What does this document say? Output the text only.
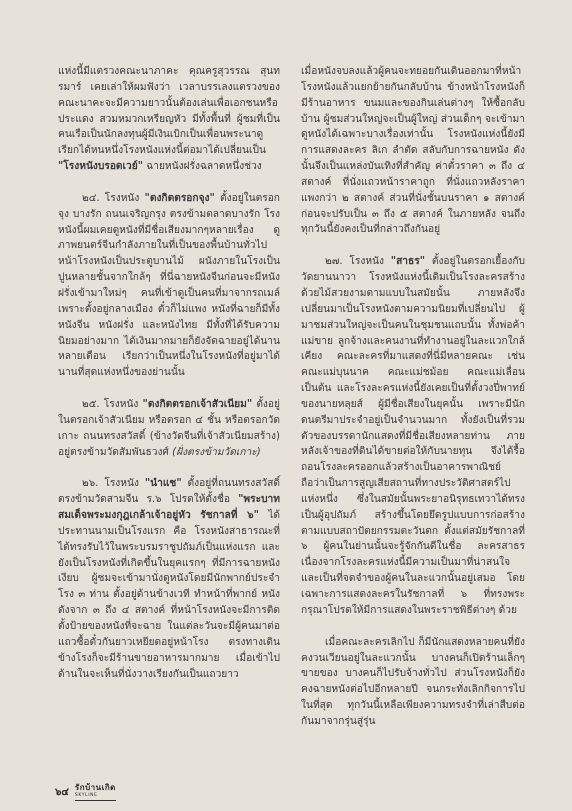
แห่งนี้มีแตรวงคณะนาภาคะ คุณครูสุวรรณ สุนทรมาร์ เคยเล่าให้ผมฟังว่า เวลาบรรเลงแตรวงของคณะนาคะจะมีความยาวนั้นต้องเล่นเพื่อเอกชนหรือประแดง สวมหมวกเหรียญหัว มีทั้งพื้นที่ ผู้ชมที่เป็นคนเรือเป็นนักลงทุนผู้มีเงินเบิกเป็นเพื่อนพระนาดูเรียกได้หนหนึ่งโรงหนังแห่งนี้ต่อมาได้เปลี่ยนเป็น "โรงหนังบรอดเวย์" ฉายหนังฝรั่งฉลาดหนึ่งช่วง

๒๔. โรงหนัง "ตงกิตตรอกจุง" ตั้งอยู่ในตรอกจุง บางรัก ถนนเจริญกรุง ตรงข้ามตลาดบางรัก โรงหนังนี้ผมเคยดูหนังที่มีชื่อเสียงมากๆหลายเรื่อง ดูภาพยนตร์จีนกำลังภายในที่เป็นของพื้นบ้านทั่วไป หน้าโรงหนังเป็นประตูบานไม้ ผนังภายในโรงเป็นปูนหลายชั้นจากใกล้ๆ ที่นี่ฉายหนังจีนก่อนจะมีหนังฝรั่งเข้ามาใหม่ๆ คนที่เข้าดูเป็นคนที่มาจากรถเมล์ เพราะตั้งอยู่กลางเมือง ตั๋วก็ไม่แพง หนังที่ฉายก็มีทั้งหนังจีน หนังฝรั่ง และหนังไทย มีทั้งที่ได้รับความนิยมอย่างมาก ได้เงินมากมายก็ยังจัดฉายอยู่ได้นานหลายเดือน เรียกว่าเป็นหนึ่งในโรงหนังที่อยู่มาได้นานที่สุดแห่งหนึ่งของย่านนั้น

๒๕. โรงหนัง "ตงกิตตรอกเจ้าสัวเนียม" ตั้งอยู่ในตรอกเจ้าสัวเนียม หรือตรอก ๔ ชั้น หรือตรอกวัดเกาะ ถนนทรงสวัสดิ์ (ข้างวัดจีนที่เจ้าสัวเนียมสร้าง) อยู่ตรงข้ามวัดสัมพันธวงศ์ (ฝั่งตรงข้ามวัดเกาะ)

๒๖. โรงหนัง "นำแช" ตั้งอยู่ที่ถนนทรงสวัสดิ์ ตรงข้ามวัดสามจีน ร.๖ โปรดให้ตั้งชื่อ "พระบาทสมเด็จพระมงกุฎเกล้าเจ้าอยู่หัว รัชกาลที่ ๖" ได้ประทานนามเป็นโรงแรก คือ โรงหนังสาธารณะที่ได้ทรงรับไว้ในพระบรมราชูปถัมภ์เป็นแห่งแรก และยังเป็นโรงหนังที่เกิดขึ้นในยุคแรกๆ ที่มีการฉายหนังเงียบ ผู้ชมจะเข้ามานั่งดูหนังโดยมีนักพากย์ประจำโรง ๓ ท่าน ตั้งอยู่ด้านข้างเวที ทำหน้าที่พากย์ หนังดังจาก ๓ ถึง ๔ สตางค์ ที่หน้าโรงหนังจะมีการติดตั้งป้ายของหนังที่จะฉาย ในแต่ละวันจะมีผู้คนมาต่อแถวซื้อตั๋วกันยาวเหยียดอยู่หน้าโรง ตรงทางเดินข้างโรงก็จะมีร้านขายอาหารมากมาย เมื่อเข้าไปด้านในจะเห็นที่นั่งวางเรียงกันเป็นแถวยาว

เมื่อหนังจบลงแล้วผู้คนจะทยอยกันเดินออกมาที่หน้าโรงหนังแล้วแยกย้ายกันกลับบ้าน ข้างหน้าโรงหนังก็มีร้านอาหาร ขนมและของกินเล่นต่างๆ ให้ซื้อกลับบ้าน ผู้ชมส่วนใหญ่จะเป็นผู้ใหญ่ ส่วนเด็กๆ จะเข้ามาดูหนังได้เฉพาะบางเรื่องเท่านั้น โรงหนังแห่งนี้ยังมีการแสดงละคร ลิเก ลำตัด สลับกับการฉายหนัง ดังนั้นจึงเป็นแหล่งบันเทิงที่สำคัญ ค่าตั๋วราคา ๓ ถึง ๔ สตางค์ ที่นั่งแถวหน้าราคาถูก ที่นั่งแถวหลังราคาแพงกว่า ๒ สตางค์ ส่วนที่นั่งชั้นบนราคา ๑ สตางค์ ก่อนจะปรับเป็น ๓ ถึง ๕ สตางค์ ในภายหลัง จนถึงทุกวันนี้ยังคงเป็นที่กล่าวถึงกันอยู่

๒๗. โรงหนัง "สาธร" ตั้งอยู่ในตรอกเยื้องกับวัดยานนาวา โรงหนังแห่งนี้เดิมเป็นโรงละครสร้างด้วยไม้สวยงามตามแบบในสมัยนั้น ภายหลังจึงเปลี่ยนมาเป็นโรงหนังตามความนิยมที่เปลี่ยนไป ผู้มาชมส่วนใหญ่จะเป็นคนในชุมชนแถบนั้น ทั้งพ่อค้าแม่ขาย ลูกจ้างและคนงานที่ทำงานอยู่ในละแวกใกล้เคียง คณะละครที่มาแสดงที่นี่มีหลายคณะ เช่น คณะแม่บุนนาค คณะแม่ชม้อย คณะแม่เลื่อน เป็นต้น และโรงละครแห่งนี้ยังเคยเป็นที่ตั้งวงปี่พาทย์ของนายหลุยส์ ผู้มีชื่อเสียงในยุคนั้น เพราะมีนักดนตรีมาประจำอยู่เป็นจำนวนมาก ทั้งยังเป็นที่รวมตัวของบรรดานักแสดงที่มีชื่อเสียงหลายท่าน ภายหลังเจ้าของที่ดินได้ขายต่อให้กับนายทุน จึงได้รื้อถอนโรงละครออกแล้วสร้างเป็นอาคารพาณิชย์ ถือว่าเป็นการสูญเสียสถานที่ทางประวัติศาสตร์ไปแห่งหนึ่ง ซึ่งในสมัยนั้นพระยาอนิรุทธเทวาได้ทรงเป็นผู้อุปถัมภ์ สร้างขึ้นโดยยึดรูปแบบการก่อสร้างตามแบบสถาปัตยกรรมตะวันตก ตั้งแต่สมัยรัชกาลที่ ๖ ผู้คนในย่านนั้นจะรู้จักกันดีในชื่อ ละครสาธร เนื่องจากโรงละครแห่งนี้มีความเป็นมาที่น่าสนใจ และเป็นที่จดจำของผู้คนในละแวกนั้นอยู่เสมอ โดยเฉพาะการแสดงละครในรัชกาลที่ ๖ ที่ทรงพระกรุณาโปรดให้มีการแสดงในพระราชพิธีต่างๆ ด้วย

เมื่อคณะละครเลิกไป ก็มีนักแสดงหลายคนที่ยังคงวนเวียนอยู่ในละแวกนั้น บางคนก็เปิดร้านเล็กๆ ขายของ บางคนก็ไปรับจ้างทั่วไป ส่วนโรงหนังก็ยังคงฉายหนังต่อไปอีกหลายปี จนกระทั่งเลิกกิจการไปในที่สุด ทุกวันนี้เหลือเพียงความทรงจำที่เล่าสืบต่อกันมาจากรุ่นสู่รุ่น

๖๔ รักบ้านเกิด
SKYLINE
